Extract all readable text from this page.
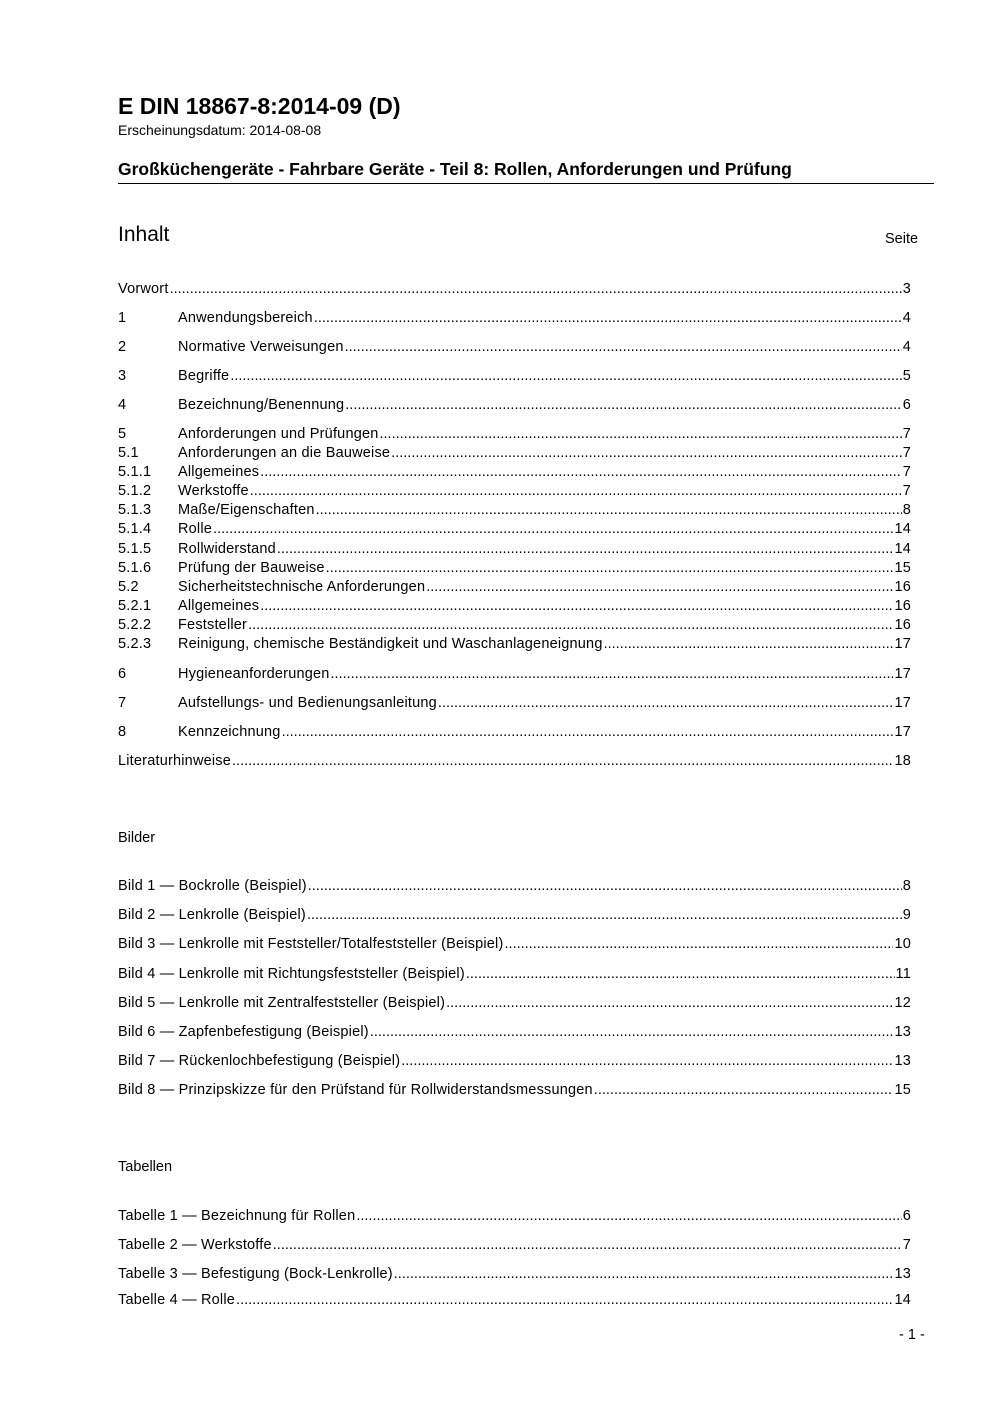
E DIN 18867-8:2014-09 (D)
Erscheinungsdatum: 2014-08-08
Großküchengeräte - Fahrbare Geräte - Teil 8: Rollen, Anforderungen und Prüfung
Inhalt	Seite
Vorwort .....	3
1	Anwendungsbereich .....	4
2	Normative Verweisungen .....	4
3	Begriffe .....	5
4	Bezeichnung/Benennung .....	6
5	Anforderungen und Prüfungen .....	7
5.1	Anforderungen an die Bauweise .....	7
5.1.1	Allgemeines .....	7
5.1.2	Werkstoffe .....	7
5.1.3	Maße/Eigenschaften .....	8
5.1.4	Rolle .....	14
5.1.5	Rollwiderstand .....	14
5.1.6	Prüfung der Bauweise .....	15
5.2	Sicherheitstechnische Anforderungen .....	16
5.2.1	Allgemeines .....	16
5.2.2	Feststeller .....	16
5.2.3	Reinigung, chemische Beständigkeit und Waschanlageneignung .....	17
6	Hygieneanforderungen .....	17
7	Aufstellungs- und Bedienungsanleitung .....	17
8	Kennzeichnung .....	17
Literaturhinweise .....	18
Bilder
Bild 1 — Bockrolle (Beispiel) .....	8
Bild 2 — Lenkrolle (Beispiel) .....	9
Bild 3 — Lenkrolle mit Feststeller/Totalfeststeller (Beispiel) .....	10
Bild 4 — Lenkrolle mit Richtungsfeststeller (Beispiel) .....	11
Bild 5 — Lenkrolle mit Zentralfeststeller (Beispiel) .....	12
Bild 6 — Zapfenbefestigung (Beispiel) .....	13
Bild 7 — Rückenlochbefestigung (Beispiel) .....	13
Bild 8 — Prinzipskizze für den Prüfstand für Rollwiderstandsmessungen .....	15
Tabellen
Tabelle 1 — Bezeichnung für Rollen .....	6
Tabelle 2 — Werkstoffe .....	7
Tabelle 3 — Befestigung (Bock-Lenkrolle) .....	13
Tabelle 4 — Rolle .....	14
- 1 -
